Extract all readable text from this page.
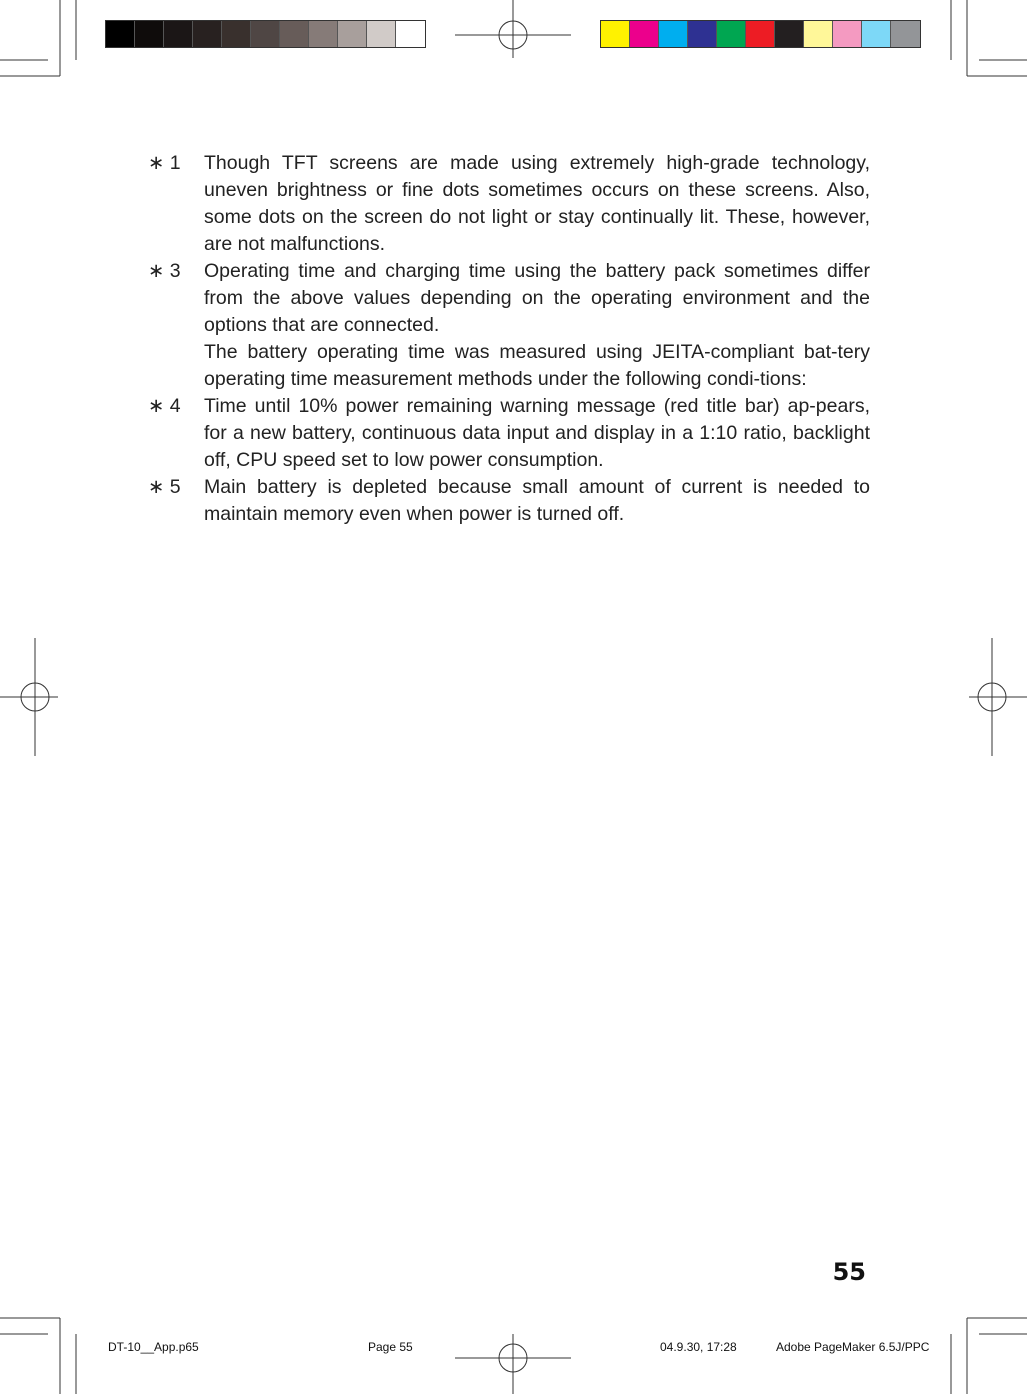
∗ 1	Though TFT screens are made using extremely high-grade technology, uneven brightness or fine dots sometimes occurs on these screens. Also, some dots on the screen do not light or stay continually lit. These, however, are not malfunctions.

∗ 3	Operating time and charging time using the battery pack sometimes differ from the above values depending on the operating environment and the options that are connected.

The battery operating time was measured using JEITA-compliant bat-tery operating time measurement methods under the following condi-tions:

∗ 4	Time until 10% power remaining warning message (red title bar) ap-pears, for a new battery, continuous data input and display in a 1:10 ratio, backlight off, CPU speed set to low power consumption.

∗ 5	Main battery is depleted because small amount of current is needed to maintain memory even when power is turned off.

55
DT-10__App.p65	Page 55	04.9.30, 17:28	Adobe PageMaker 6.5J/PPC
